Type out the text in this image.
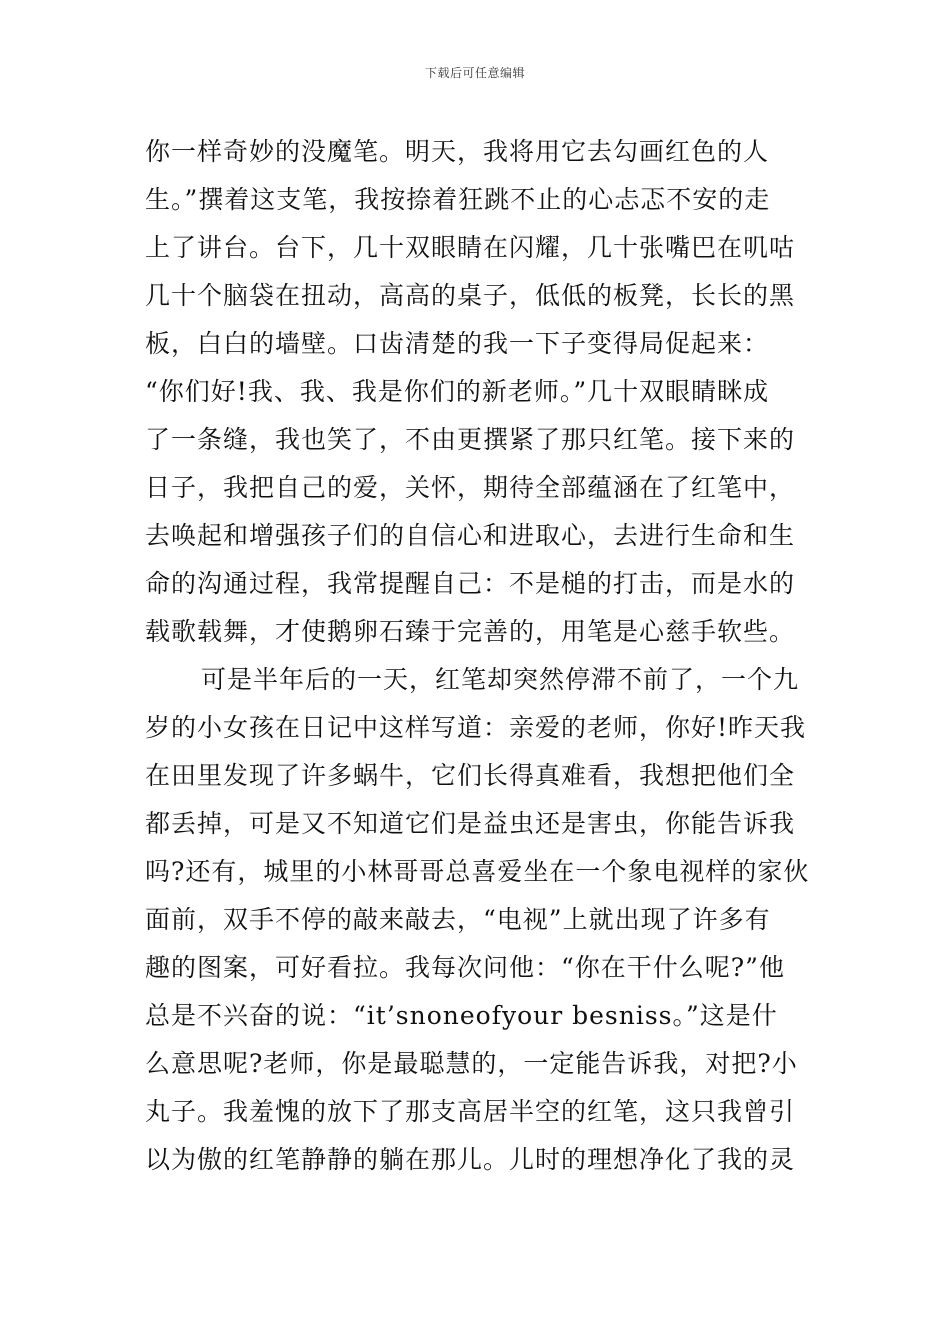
下载后可任意编辑
你一样奇妙的没魔笔。明天，我将用它去勾画红色的人
生。”撰着这支笔，我按捺着狂跳不止的心忐忑不安的走
上了讲台。台下，几十双眼睛在闪耀，几十张嘴巴在叽咕
几十个脑袋在扭动，高高的桌子，低低的板凳，长长的黑
板，白白的墙壁。口齿清楚的我一下子变得局促起来：
“你们好!我、我、我是你们的新老师。”几十双眼睛眯成
了一条缝，我也笑了，不由更撰紧了那只红笔。接下来的
日子，我把自己的爱，关怀，期待全部蕴涵在了红笔中，
去唤起和增强孩子们的自信心和进取心，去进行生命和生
命的沟通过程，我常提醒自己：不是槌的打击，而是水的
载歌载舞，才使鹅卵石臻于完善的，用笔是心慈手软些。
可是半年后的一天，红笔却突然停滞不前了，一个九
岁的小女孩在日记中这样写道：亲爱的老师，你好!昨天我
在田里发现了许多蜗牛，它们长得真难看，我想把他们全
都丢掉，可是又不知道它们是益虫还是害虫，你能告诉我
吗?还有，城里的小林哥哥总喜爱坐在一个象电视样的家伙
面前，双手不停的敲来敲去，“电视”上就出现了许多有
趣的图案，可好看拉。我每次问他：“你在干什么呢?”他
总是不兴奋的说：“it’snoneofyour besniss。”这是什
么意思呢?老师，你是最聪慧的，一定能告诉我，对把?小
丸子。我羞愧的放下了那支高居半空的红笔，这只我曾引
以为傲的红笔静静的躺在那儿。儿时的理想净化了我的灵
